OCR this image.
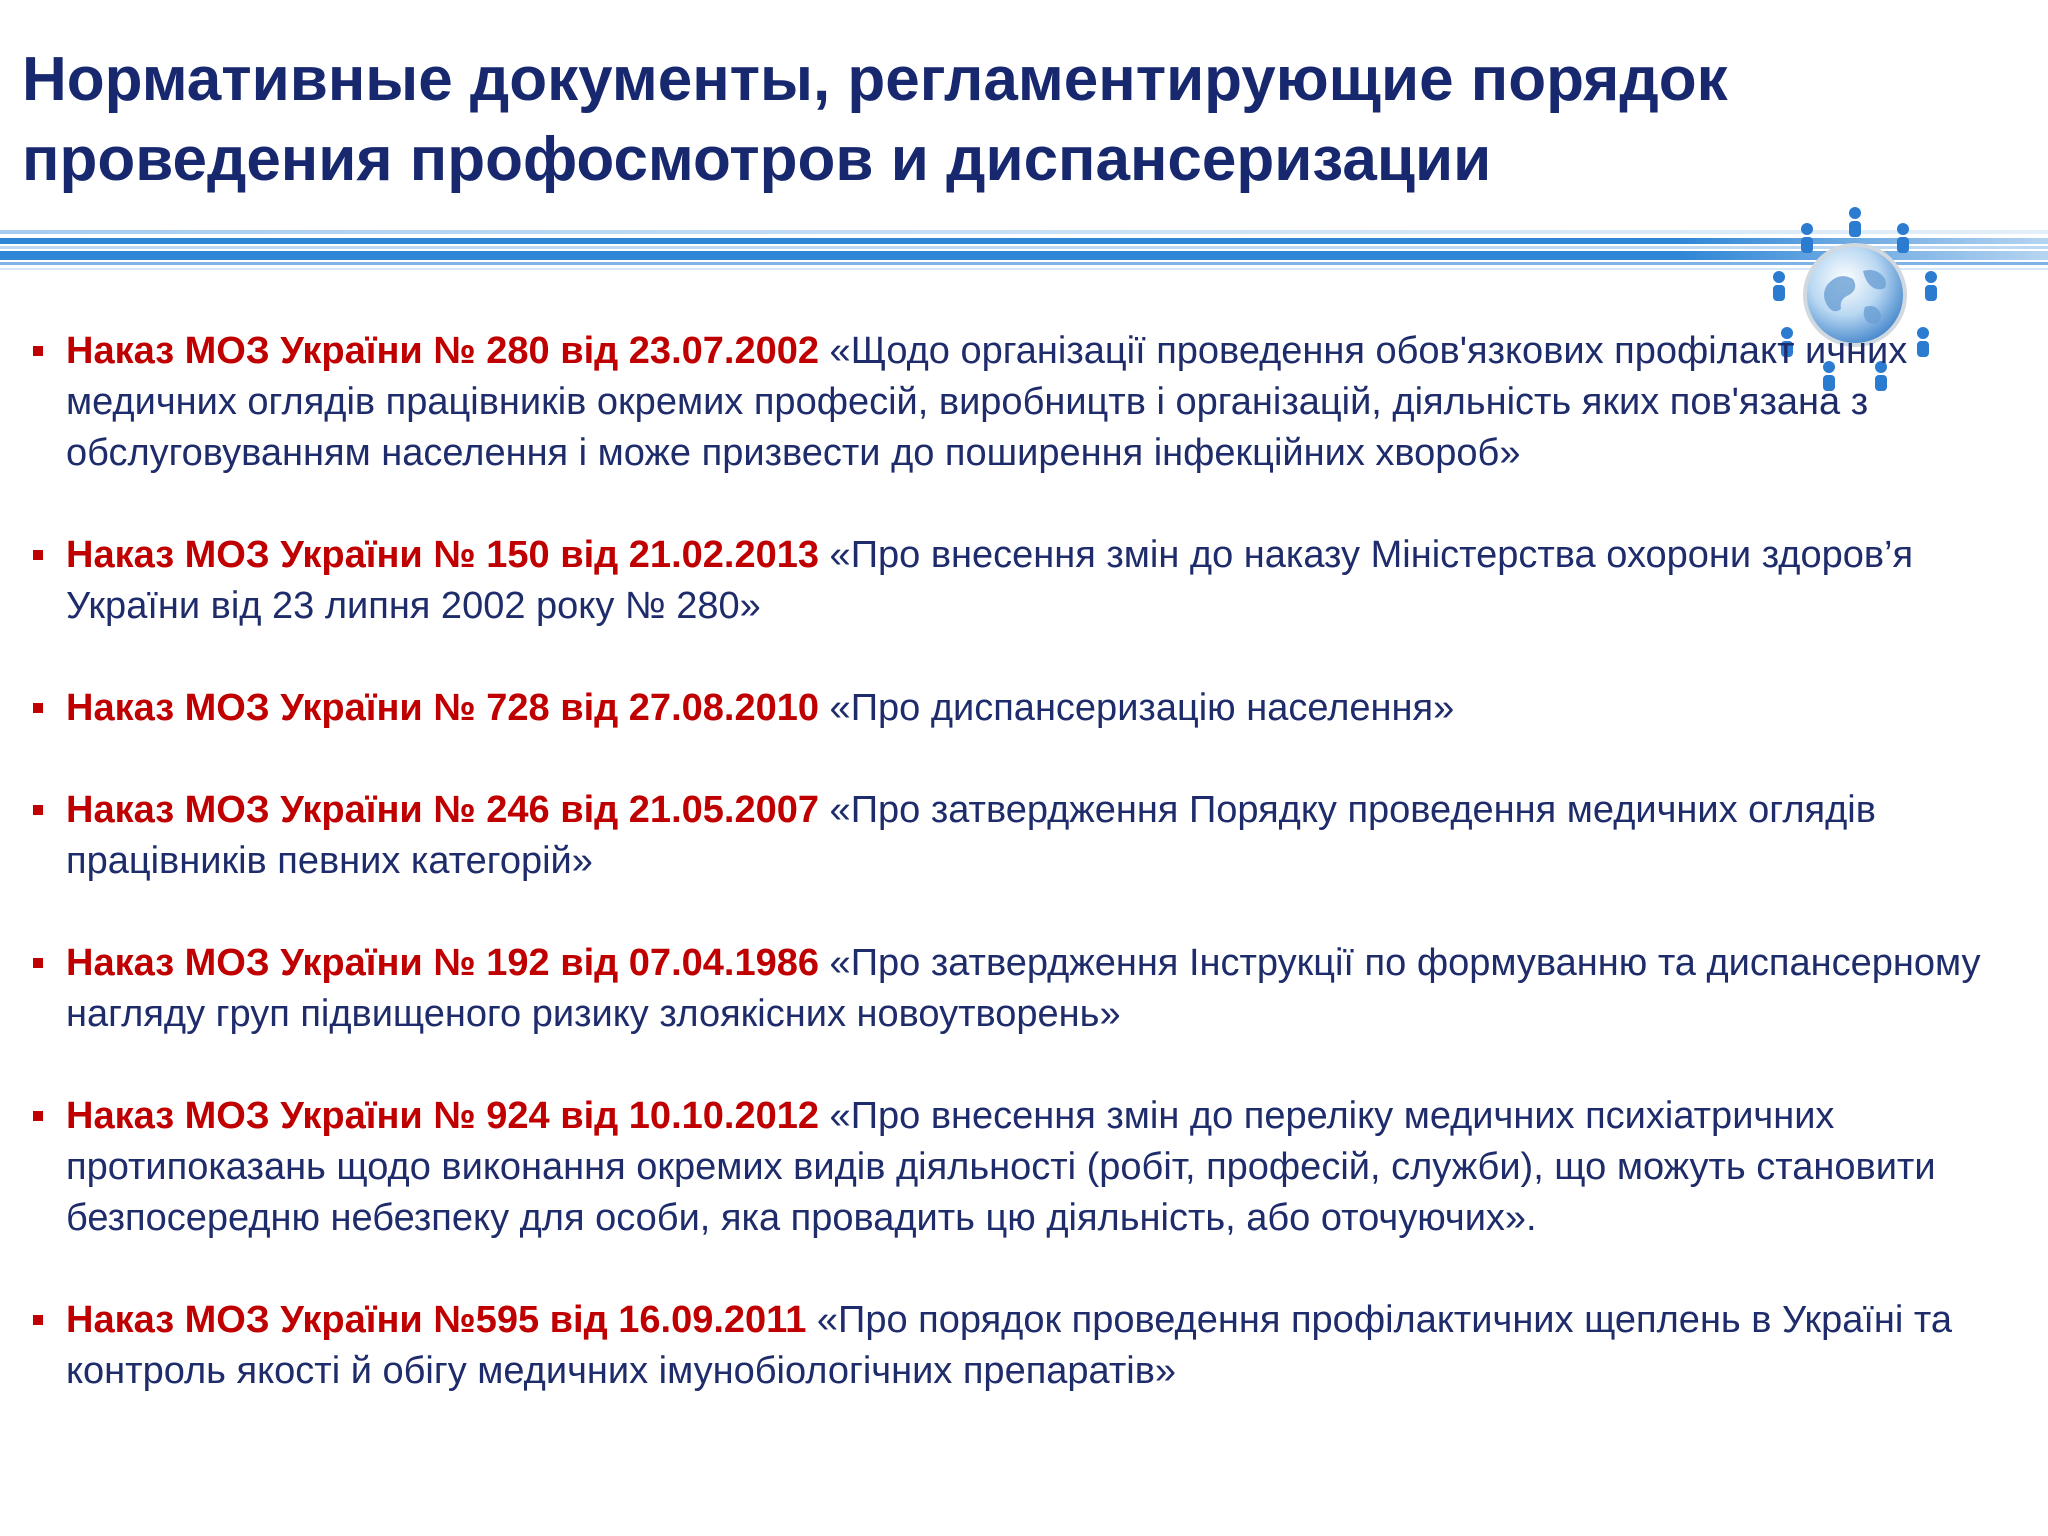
Нормативные документы, регламентирующие порядок проведения профосмотров и диспансеризации
Наказ МОЗ України № 280 від 23.07.2002 «Щодо організації проведення обов'язкових профілакт ичних медичних оглядів працівників окремих професій, виробництв і організацій, діяльність яких пов'язана з обслуговуванням населення і може призвести до поширення інфекційних хвороб»
Наказ МОЗ України № 150 від 21.02.2013 «Про внесення змін до наказу Міністерства охорони здоров’я України від 23 липня 2002 року № 280»
Наказ МОЗ України № 728 від 27.08.2010 «Про диспансеризацію населення»
Наказ МОЗ України № 246 від 21.05.2007 «Про затвердження Порядку проведення медичних оглядів працівників певних категорій»
Наказ МОЗ України № 192 від 07.04.1986 «Про затвердження Інструкції по формуванню та диспансерному нагляду груп підвищеного ризику злоякісних новоутворень»
Наказ МОЗ України № 924 від 10.10.2012 «Про внесення змін до переліку медичних психіатричних протипоказань щодо виконання окремих видів діяльності (робіт, професій, служби), що можуть становити безпосередню небезпеку для особи, яка провадить цю діяльність, або оточуючих».
Наказ МОЗ України №595 від 16.09.2011 «Про порядок проведення профілактичних щеплень в Україні та контроль якості й обігу медичних імунобіологічних препаратів»
